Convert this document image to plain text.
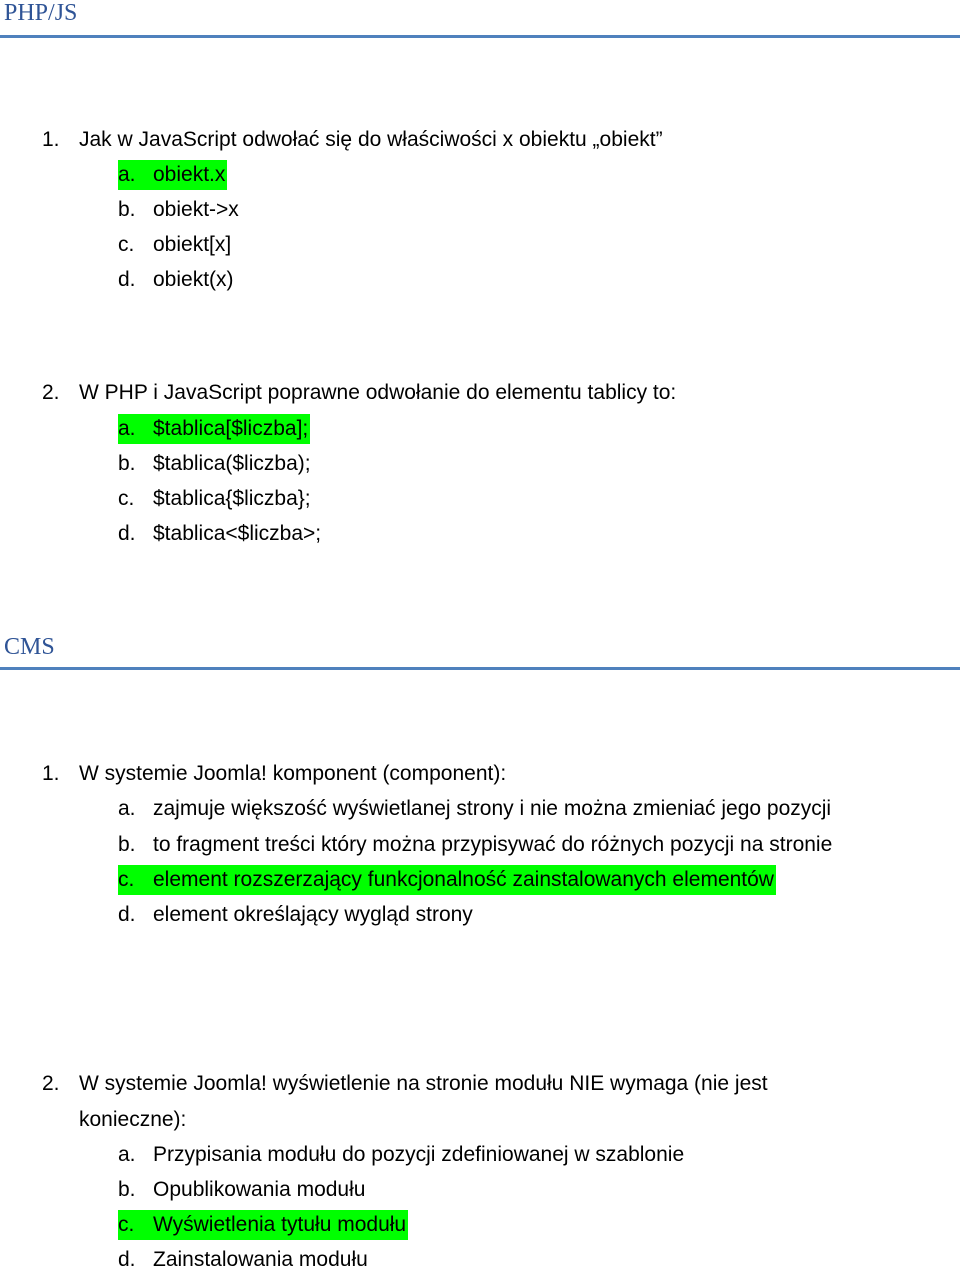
PHP/JS
CMS
1. Jak w JavaScript odwołać się do właściwości x obiektu „obiekt”
a. obiekt.x
b. obiekt->x
c. obiekt[x]
d. obiekt(x)
2. W PHP i JavaScript poprawne odwołanie do elementu tablicy to:
a. $tablica[$liczba];
b. $tablica($liczba);
c. $tablica{$liczba};
d. $tablica<$liczba>;
1. W systemie Joomla! komponent (component):
a. zajmuje większość wyświetlanej strony i nie można zmieniać jego pozycji
b. to fragment treści który można przypisywać do różnych pozycji na stronie
c. element rozszerzający funkcjonalność zainstalowanych elementów
d. element określający wygląd strony
2. W systemie Joomla! wyświetlenie na stronie modułu NIE wymaga (nie jest
konieczne):
a. Przypisania modułu do pozycji zdefiniowanej w szablonie
b. Opublikowania modułu
c. Wyświetlenia tytułu modułu
d. Zainstalowania modułu
